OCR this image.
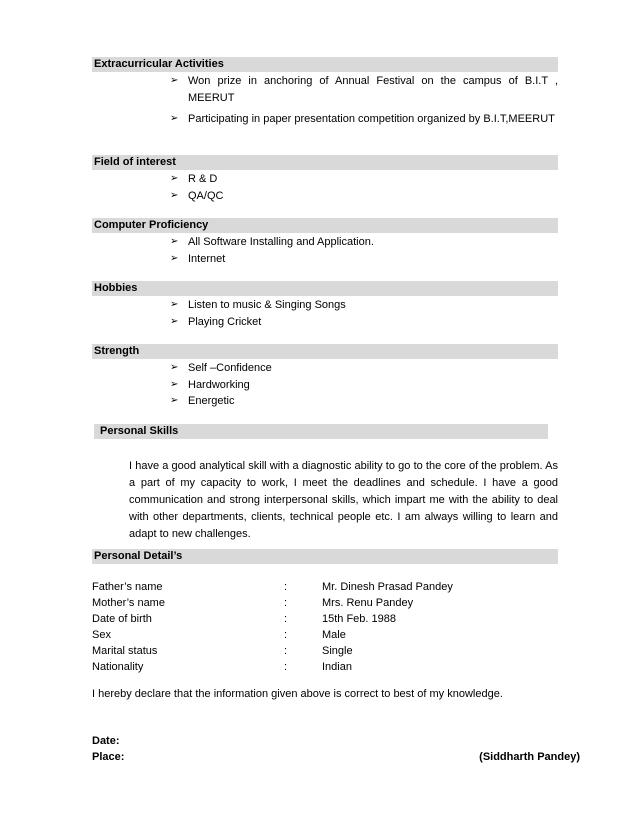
Extracurricular Activities
➢ Won prize in anchoring of Annual Festival on the campus of B.I.T , MEERUT
➢ Participating in paper presentation competition organized by B.I.T,MEERUT
Field of interest
➢ R & D
➢ QA/QC
Computer Proficiency
➢ All Software Installing and Application.
➢ Internet
Hobbies
➢ Listen to music & Singing Songs
➢ Playing Cricket
Strength
➢ Self –Confidence
➢ Hardworking
➢ Energetic
Personal Skills
I have a good analytical skill with a diagnostic ability to go to the core of the problem. As a part of my capacity to work, I meet the deadlines and schedule. I have a good communication and strong interpersonal skills, which impart me with the ability to deal with other departments, clients, technical people etc. I am always willing to learn and adapt to new challenges.
Personal Detail’s
Father’s name	:	Mr. Dinesh Prasad Pandey
Mother’s name	:	Mrs. Renu Pandey
Date of birth	:	15th Feb. 1988
Sex	:	Male
Marital status	:	Single
Nationality	:	Indian
I hereby declare that the information given above is correct to best of my knowledge.
Date:
Place:	(Siddharth Pandey)
